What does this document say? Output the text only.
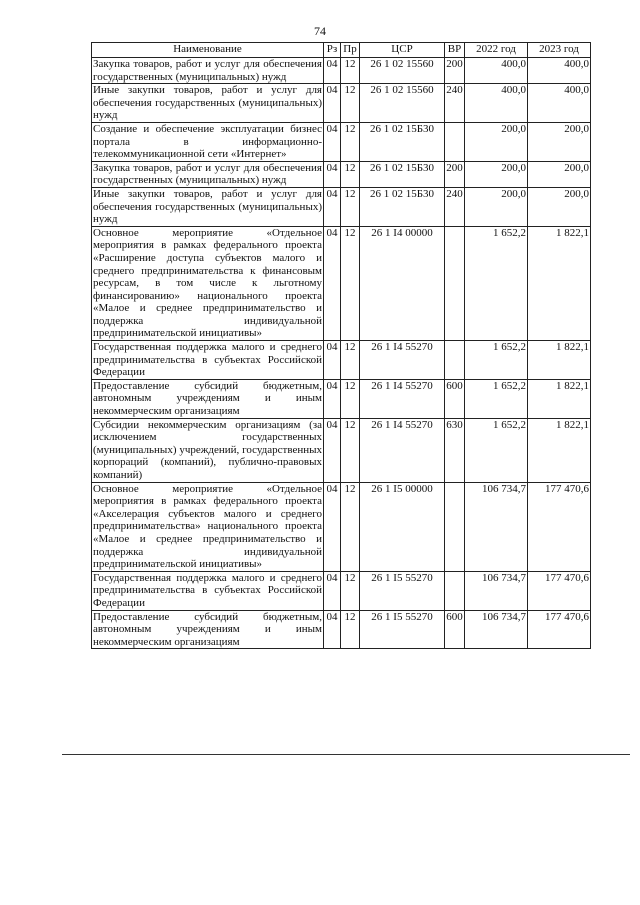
74
Наименование	Рз	Пр	ЦСР	ВР	2022 год	2023 год
Закупка товаров, работ и услуг для обеспечения государственных (муниципальных) нужд	04	12	26 1 02 15560	200	400,0	400,0
Иные закупки товаров, работ и услуг для обеспечения государственных (муниципальных) нужд	04	12	26 1 02 15560	240	400,0	400,0
Создание и обеспечение эксплуатации бизнес портала в информационно-телекоммуникационной сети «Интернет»	04	12	26 1 02 15Б30		200,0	200,0
Закупка товаров, работ и услуг для обеспечения государственных (муниципальных) нужд	04	12	26 1 02 15Б30	200	200,0	200,0
Иные закупки товаров, работ и услуг для обеспечения государственных (муниципальных) нужд	04	12	26 1 02 15Б30	240	200,0	200,0
Основное мероприятие «Отдельное мероприятия в рамках федерального проекта «Расширение доступа субъектов малого и среднего предпринимательства к финансовым ресурсам, в том числе к льготному финансированию» национального проекта «Малое и среднее предпринимательство и поддержка индивидуальной предпринимательской инициативы»	04	12	26 1 I4 00000		1 652,2	1 822,1
Государственная поддержка малого и среднего предпринимательства в субъектах Российской Федерации	04	12	26 1 I4 55270		1 652,2	1 822,1
Предоставление субсидий бюджетным, автономным учреждениям и иным некоммерческим организациям	04	12	26 1 I4 55270	600	1 652,2	1 822,1
Субсидии некоммерческим организациям (за исключением государственных (муниципальных) учреждений, государственных корпораций (компаний), публично-правовых компаний)	04	12	26 1 I4 55270	630	1 652,2	1 822,1
Основное мероприятие «Отдельное мероприятия в рамках федерального проекта «Акселерация субъектов малого и среднего предпринимательства» национального проекта «Малое и среднее предпринимательство и поддержка индивидуальной предпринимательской инициативы»	04	12	26 1 I5 00000		106 734,7	177 470,6
Государственная поддержка малого и среднего предпринимательства в субъектах Российской Федерации	04	12	26 1 I5 55270		106 734,7	177 470,6
Предоставление субсидий бюджетным, автономным учреждениям и иным некоммерческим организациям	04	12	26 1 I5 55270	600	106 734,7	177 470,6
